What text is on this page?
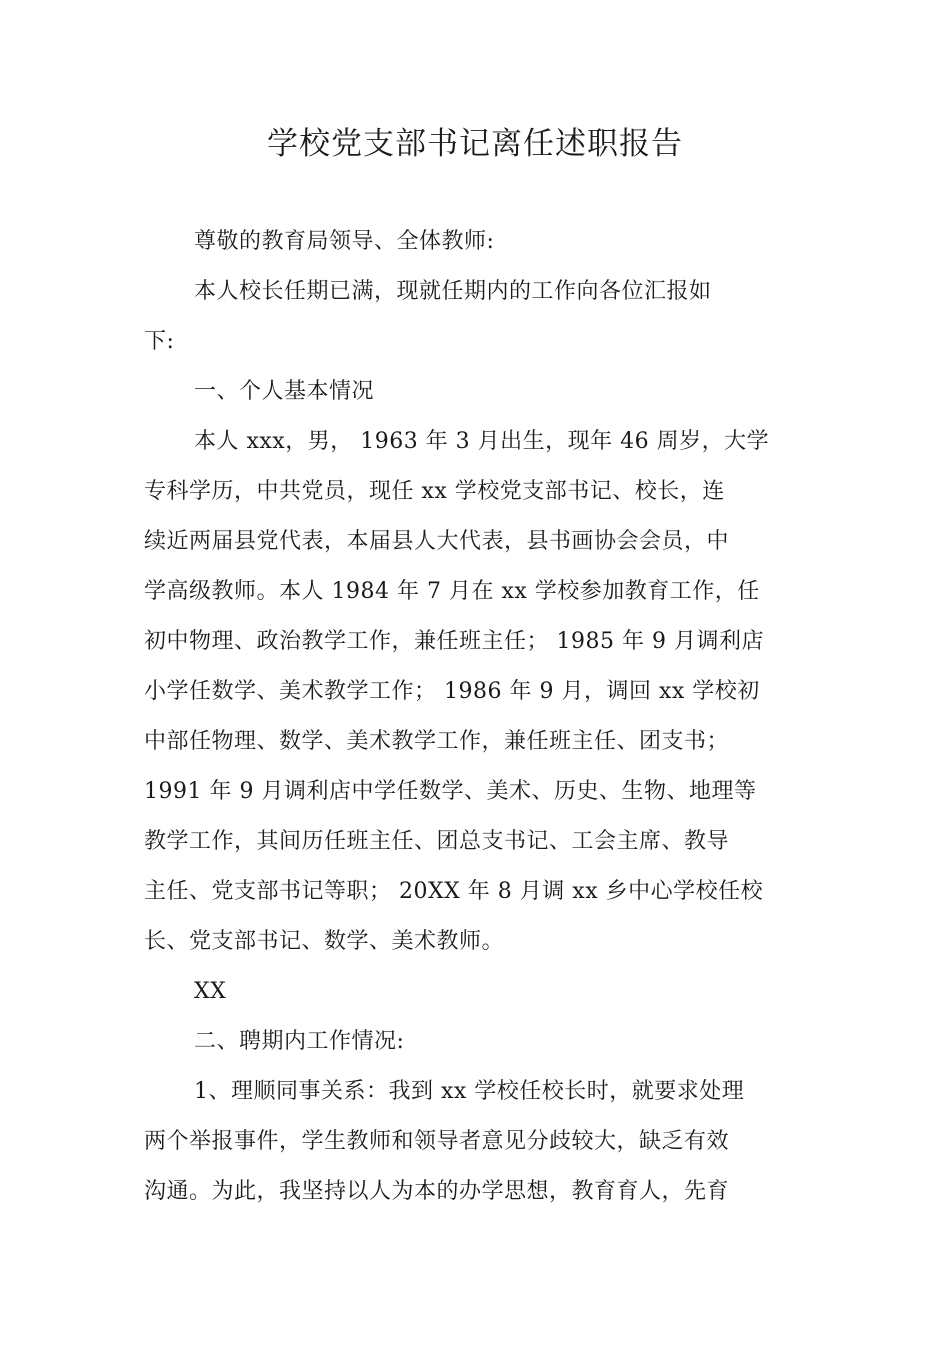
学校党支部书记离任述职报告
尊敬的教育局领导、全体教师:
本人校长任期已满，现就任期内的工作向各位汇报如
下:
一、个人基本情况
本人 xxx，男， 1963 年 3 月出生，现年 46 周岁，大学
专科学历，中共党员，现任 xx 学校党支部书记、校长，连
续近两届县党代表，本届县人大代表，县书画协会会员，中
学高级教师。本人 1984 年 7 月在 xx 学校参加教育工作，任
初中物理、政治教学工作，兼任班主任； 1985 年 9 月调利店
小学任数学、美术教学工作； 1986 年 9 月，调回 xx 学校初
中部任物理、数学、美术教学工作，兼任班主任、团支书；
1991 年 9 月调利店中学任数学、美术、历史、生物、地理等
教学工作，其间历任班主任、团总支书记、工会主席、教导
主任、党支部书记等职； 20XX 年 8 月调 xx 乡中心学校任校
长、党支部书记、数学、美术教师。
XX
二、聘期内工作情况:
1、理顺同事关系：我到 xx 学校任校长时，就要求处理
两个举报事件，学生教师和领导者意见分歧较大，缺乏有效
沟通。为此，我坚持以人为本的办学思想，教育育人，先育
